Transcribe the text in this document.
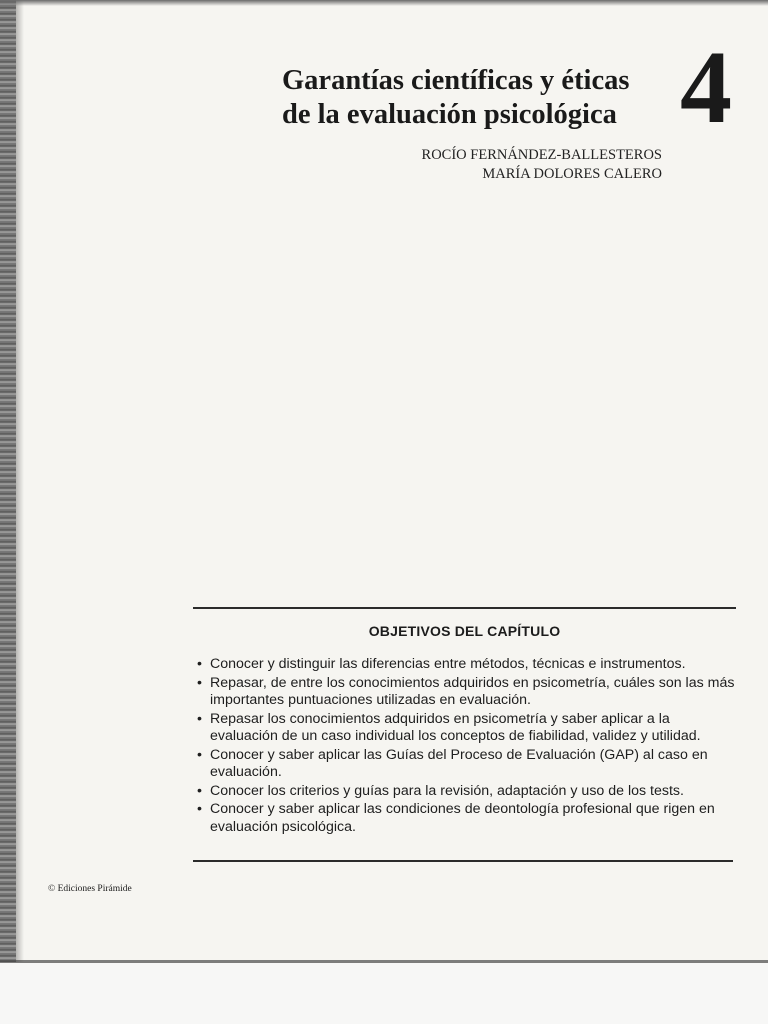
Garantías científicas y éticas
de la evaluación psicológica 4
ROCÍO FERNÁNDEZ-BALLESTEROS
MARÍA DOLORES CALERO
OBJETIVOS DEL CAPÍTULO
• Conocer y distinguir las diferencias entre métodos, técnicas e instrumentos.
• Repasar, de entre los conocimientos adquiridos en psicometría, cuáles son las más importantes puntuaciones utilizadas en evaluación.
• Repasar los conocimientos adquiridos en psicometría y saber aplicar a la evaluación de un caso individual los conceptos de fiabilidad, validez y utilidad.
• Conocer y saber aplicar las Guías del Proceso de Evaluación (GAP) al caso en evaluación.
• Conocer los criterios y guías para la revisión, adaptación y uso de los tests.
• Conocer y saber aplicar las condiciones de deontología profesional que rigen en evaluación psicológica.
© Ediciones Pirámide
